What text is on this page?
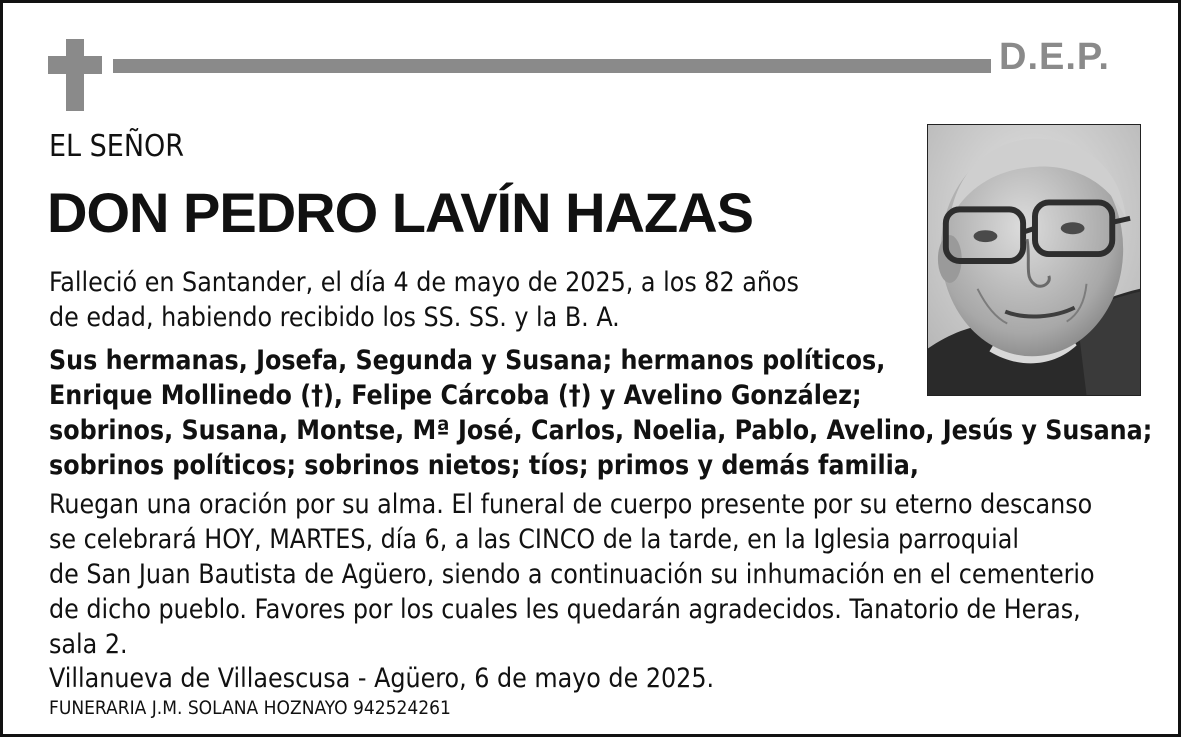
D.E.P.
EL SEÑOR
DON PEDRO LAVÍN HAZAS

Falleció en Santander, el día 4 de mayo de 2025, a los 82 años
de edad, habiendo recibido los SS. SS. y la B. A.

Sus hermanas, Josefa, Segunda y Susana; hermanos políticos,
Enrique Mollinedo (†), Felipe Cárcoba (†) y Avelino González;
sobrinos, Susana, Montse, Mª José, Carlos, Noelia, Pablo, Avelino, Jesús y Susana;
sobrinos políticos; sobrinos nietos; tíos; primos y demás familia,

Ruegan una oración por su alma. El funeral de cuerpo presente por su eterno descanso
se celebrará HOY, MARTES, día 6, a las CINCO de la tarde, en la Iglesia parroquial
de San Juan Bautista de Agüero, siendo a continuación su inhumación en el cementerio
de dicho pueblo. Favores por los cuales les quedarán agradecidos. Tanatorio de Heras,
sala 2.

Villanueva de Villaescusa - Agüero, 6 de mayo de 2025.
FUNERARIA J.M. SOLANA HOZNAYO 942524261
